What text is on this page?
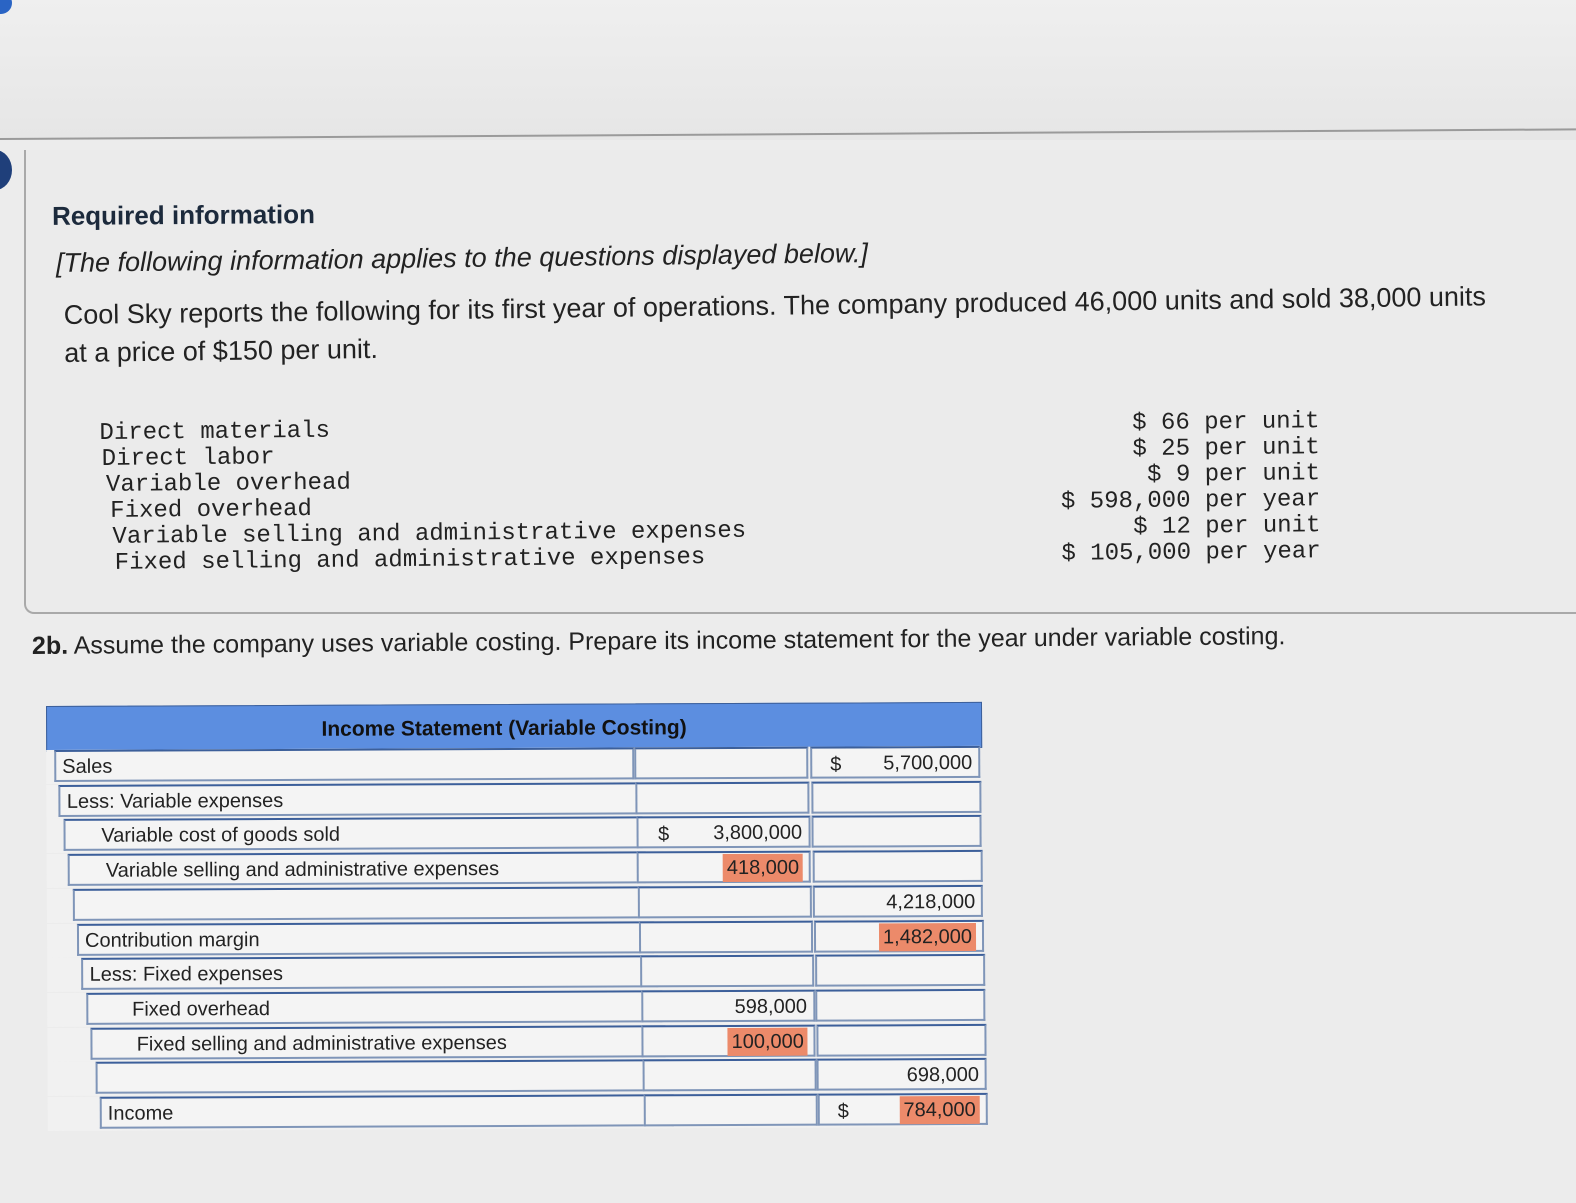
Required information
[The following information applies to the questions displayed below.]
Cool Sky reports the following for its first year of operations. The company produced 46,000 units and sold 38,000 units
at a price of $150 per unit.
Direct materials	$ 66 per unit
Direct labor	$ 25 per unit
Variable overhead	$ 9 per unit
Fixed overhead	$ 598,000 per year
Variable selling and administrative expenses	$ 12 per unit
Fixed selling and administrative expenses	$ 105,000 per year
2b. Assume the company uses variable costing. Prepare its income statement for the year under variable costing.
Income Statement (Variable Costing)
Sales	$ 5,700,000
Less: Variable expenses
Variable cost of goods sold	$ 3,800,000
Variable selling and administrative expenses	418,000
4,218,000
Contribution margin	1,482,000
Less: Fixed expenses
Fixed overhead	598,000
Fixed selling and administrative expenses	100,000
698,000
Income	$	784,000
